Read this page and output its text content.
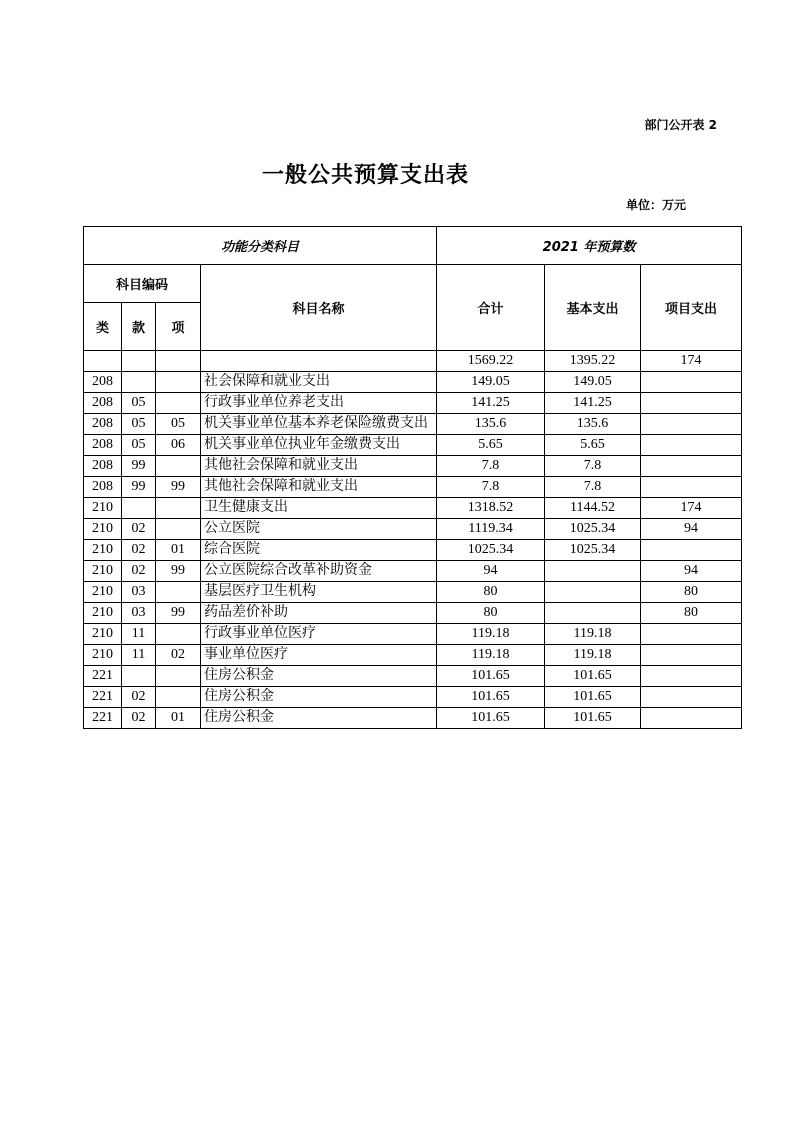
部门公开表 2
一般公共预算支出表
单位：万元
功能分类科目				2021 年预算数		
科目编码			科目名称	合计	基本支出	项目支出
类	款	项				
				1569.22	1395.22	174
208			社会保障和就业支出	149.05	149.05	
208	05		行政事业单位养老支出	141.25	141.25	
208	05	05	机关事业单位基本养老保险缴费支出	135.6	135.6	
208	05	06	机关事业单位执业年金缴费支出	5.65	5.65	
208	99		其他社会保障和就业支出	7.8	7.8	
208	99	99	其他社会保障和就业支出	7.8	7.8	
210			卫生健康支出	1318.52	1144.52	174
210	02		公立医院	1119.34	1025.34	94
210	02	01	综合医院	1025.34	1025.34	
210	02	99	公立医院综合改革补助资金	94		94
210	03		基层医疗卫生机构	80		80
210	03	99	药品差价补助	80		80
210	11		行政事业单位医疗	119.18	119.18	
210	11	02	事业单位医疗	119.18	119.18	
221			住房公积金	101.65	101.65	
221	02		住房公积金	101.65	101.65	
221	02	01	住房公积金	101.65	101.65	
